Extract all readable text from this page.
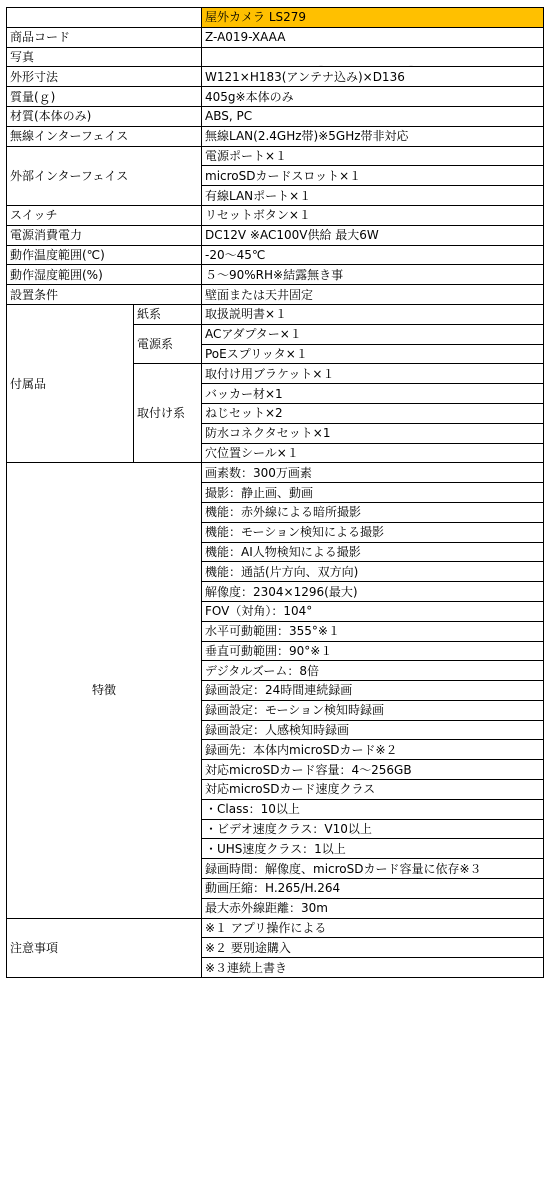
		屋外カメラ LS279
商品コード		Z-A019-XAAA
写真		LiveSmart

外形寸法		W121×H183(アンテナ込み)×D136
質量(ｇ)		405g※本体のみ
材質(本体のみ)		ABS, PC
無線インターフェイス		無線LAN(2.4GHz帯)※5GHz帯非対応
外部インターフェイス		電源ポート×１
		microSDカードスロット×１
		有線LANポート×１
スイッチ		リセットボタン×１
電源消費電力		DC12V ※AC100V供給 最大6W
動作温度範囲(℃)		-20～45℃
動作湿度範囲(%)		５～90%RH※結露無き事
設置条件		壁面または天井固定
付属品	紙系	取扱説明書×１
	電源系	ACアダプター×１
		PoEスプリッタ×１
	取付け系	取付け用ブラケット×１
		バッカー材×1
		ねじセット×2
		防水コネクタセット×1
		穴位置シール×１
特徴		画素数：300万画素
		撮影：静止画、動画
		機能：赤外線による暗所撮影
		機能：モーション検知による撮影
		機能：AI人物検知による撮影
		機能：通話(片方向、双方向)
		解像度：2304×1296(最大)
		FOV（対角）：104°
		水平可動範囲：355°※１
		垂直可動範囲：90°※１
		デジタルズーム：8倍
		録画設定：24時間連続録画
		録画設定：モーション検知時録画
		録画設定：人感検知時録画
		録画先：本体内microSDカード※２
		対応microSDカード容量：4～256GB
		対応microSDカード速度クラス
		・Class：10以上
		・ビデオ速度クラス：V10以上
		・UHS速度クラス：1以上
		録画時間：解像度、microSDカード容量に依存※３
		動画圧縮：H.265/H.264
		最大赤外線距離：30m
注意事項		※１ アプリ操作による
		※２ 要別途購入
		※３連続上書き
